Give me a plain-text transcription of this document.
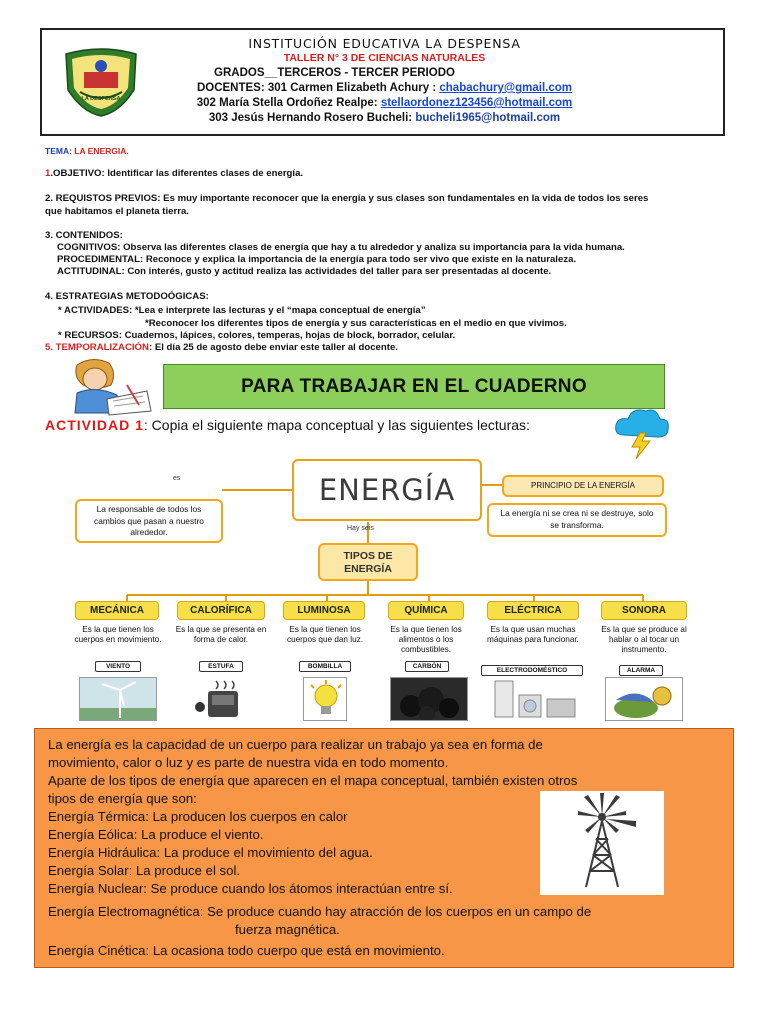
LA DESPENSA
INSTITUCIÓN EDUCATIVA LA DESPENSA
TALLER N° 3 DE CIENCIAS NATURALES
GRADOS__TERCEROS - TERCER PERIODO
DOCENTES: 301 Carmen Elizabeth Achury : chabachury@gmail.com
302 María Stella Ordoñez Realpe: stellaordonez123456@hotmail.com
303 Jesús Hernando Rosero Bucheli: bucheli1965@hotmail.com
TEMA: LA ENERGIA.
1.OBJETIVO: Identificar las diferentes clases de energía.
2. REQUISTOS PREVIOS: Es muy importante reconocer que la energía y sus clases son fundamentales en la vida de todos los seres
que habitamos el planeta tierra.
3. CONTENIDOS:
COGNITIVOS: Observa las diferentes clases de energía que hay a tu alrededor y analiza su importancia para la vida humana.
PROCEDIMENTAL: Reconoce y explica la importancia de la energía para todo ser vivo que existe en la naturaleza.
ACTITUDINAL: Con interés, gusto y actitud realiza las actividades del taller para ser presentadas al docente.
4. ESTRATEGIAS METODOÓGICAS:
* ACTIVIDADES: *Lea e interprete las lecturas y el “mapa conceptual de energía”
*Reconocer los diferentes tipos de energía y sus características en el medio en que vivimos.
* RECURSOS: Cuadernos, lápices, colores, temperas, hojas de block, borrador, celular.
5. TEMPORALIZACIÓN: El día 25 de agosto debe enviar este taller al docente.
PARA TRABAJAR EN EL CUADERNO
ACTIVIDAD 1: Copia el siguiente mapa conceptual y las siguientes lecturas:
es	ENERGÍA
La responsable de todos los cambios que pasan a nuestro alrededor.
PRINCIPIO DE LA ENERGÍA
La energía ni se crea ni se destruye, solo se transforma.
Hay seis
TIPOS DE ENERGÍA
MECÁNICA	CALORÍFICA	LUMINOSA	QUÍMICA	ELÉCTRICA	SONORA
Es la que tienen los cuerpos en movimiento.
Es la que se presenta en forma de calor.
Es la que tienen los cuerpos que dan luz.
Es la que tienen los alimentos o los combustibles.
Es la que usan muchas máquinas para funcionar.
Es la que se produce al hablar o al tocar un instrumento.
VIENTO	ESTUFA	BOMBILLA	CARBÓN
ELECTRODOMÉSTICO	ALARMA
La energía es la capacidad de un cuerpo para realizar un trabajo ya sea en forma de
movimiento, calor o luz y es parte de nuestra vida en todo momento.
Aparte de los tipos de energía que aparecen en el mapa conceptual, también existen otros
tipos de energía que son:
Energía Térmica: La producen los cuerpos en calor
Energía Eólica: La produce el viento.
Energía Hidráulica: La produce el movimiento del agua.
Energía Solar: La produce el sol.
Energía Nuclear: Se produce cuando los átomos interactúan entre sí.
Energía Electromagnética: Se produce cuando hay atracción de los cuerpos en un campo de
fuerza magnética.
Energía Cinética: La ocasiona todo cuerpo que está en movimiento.
